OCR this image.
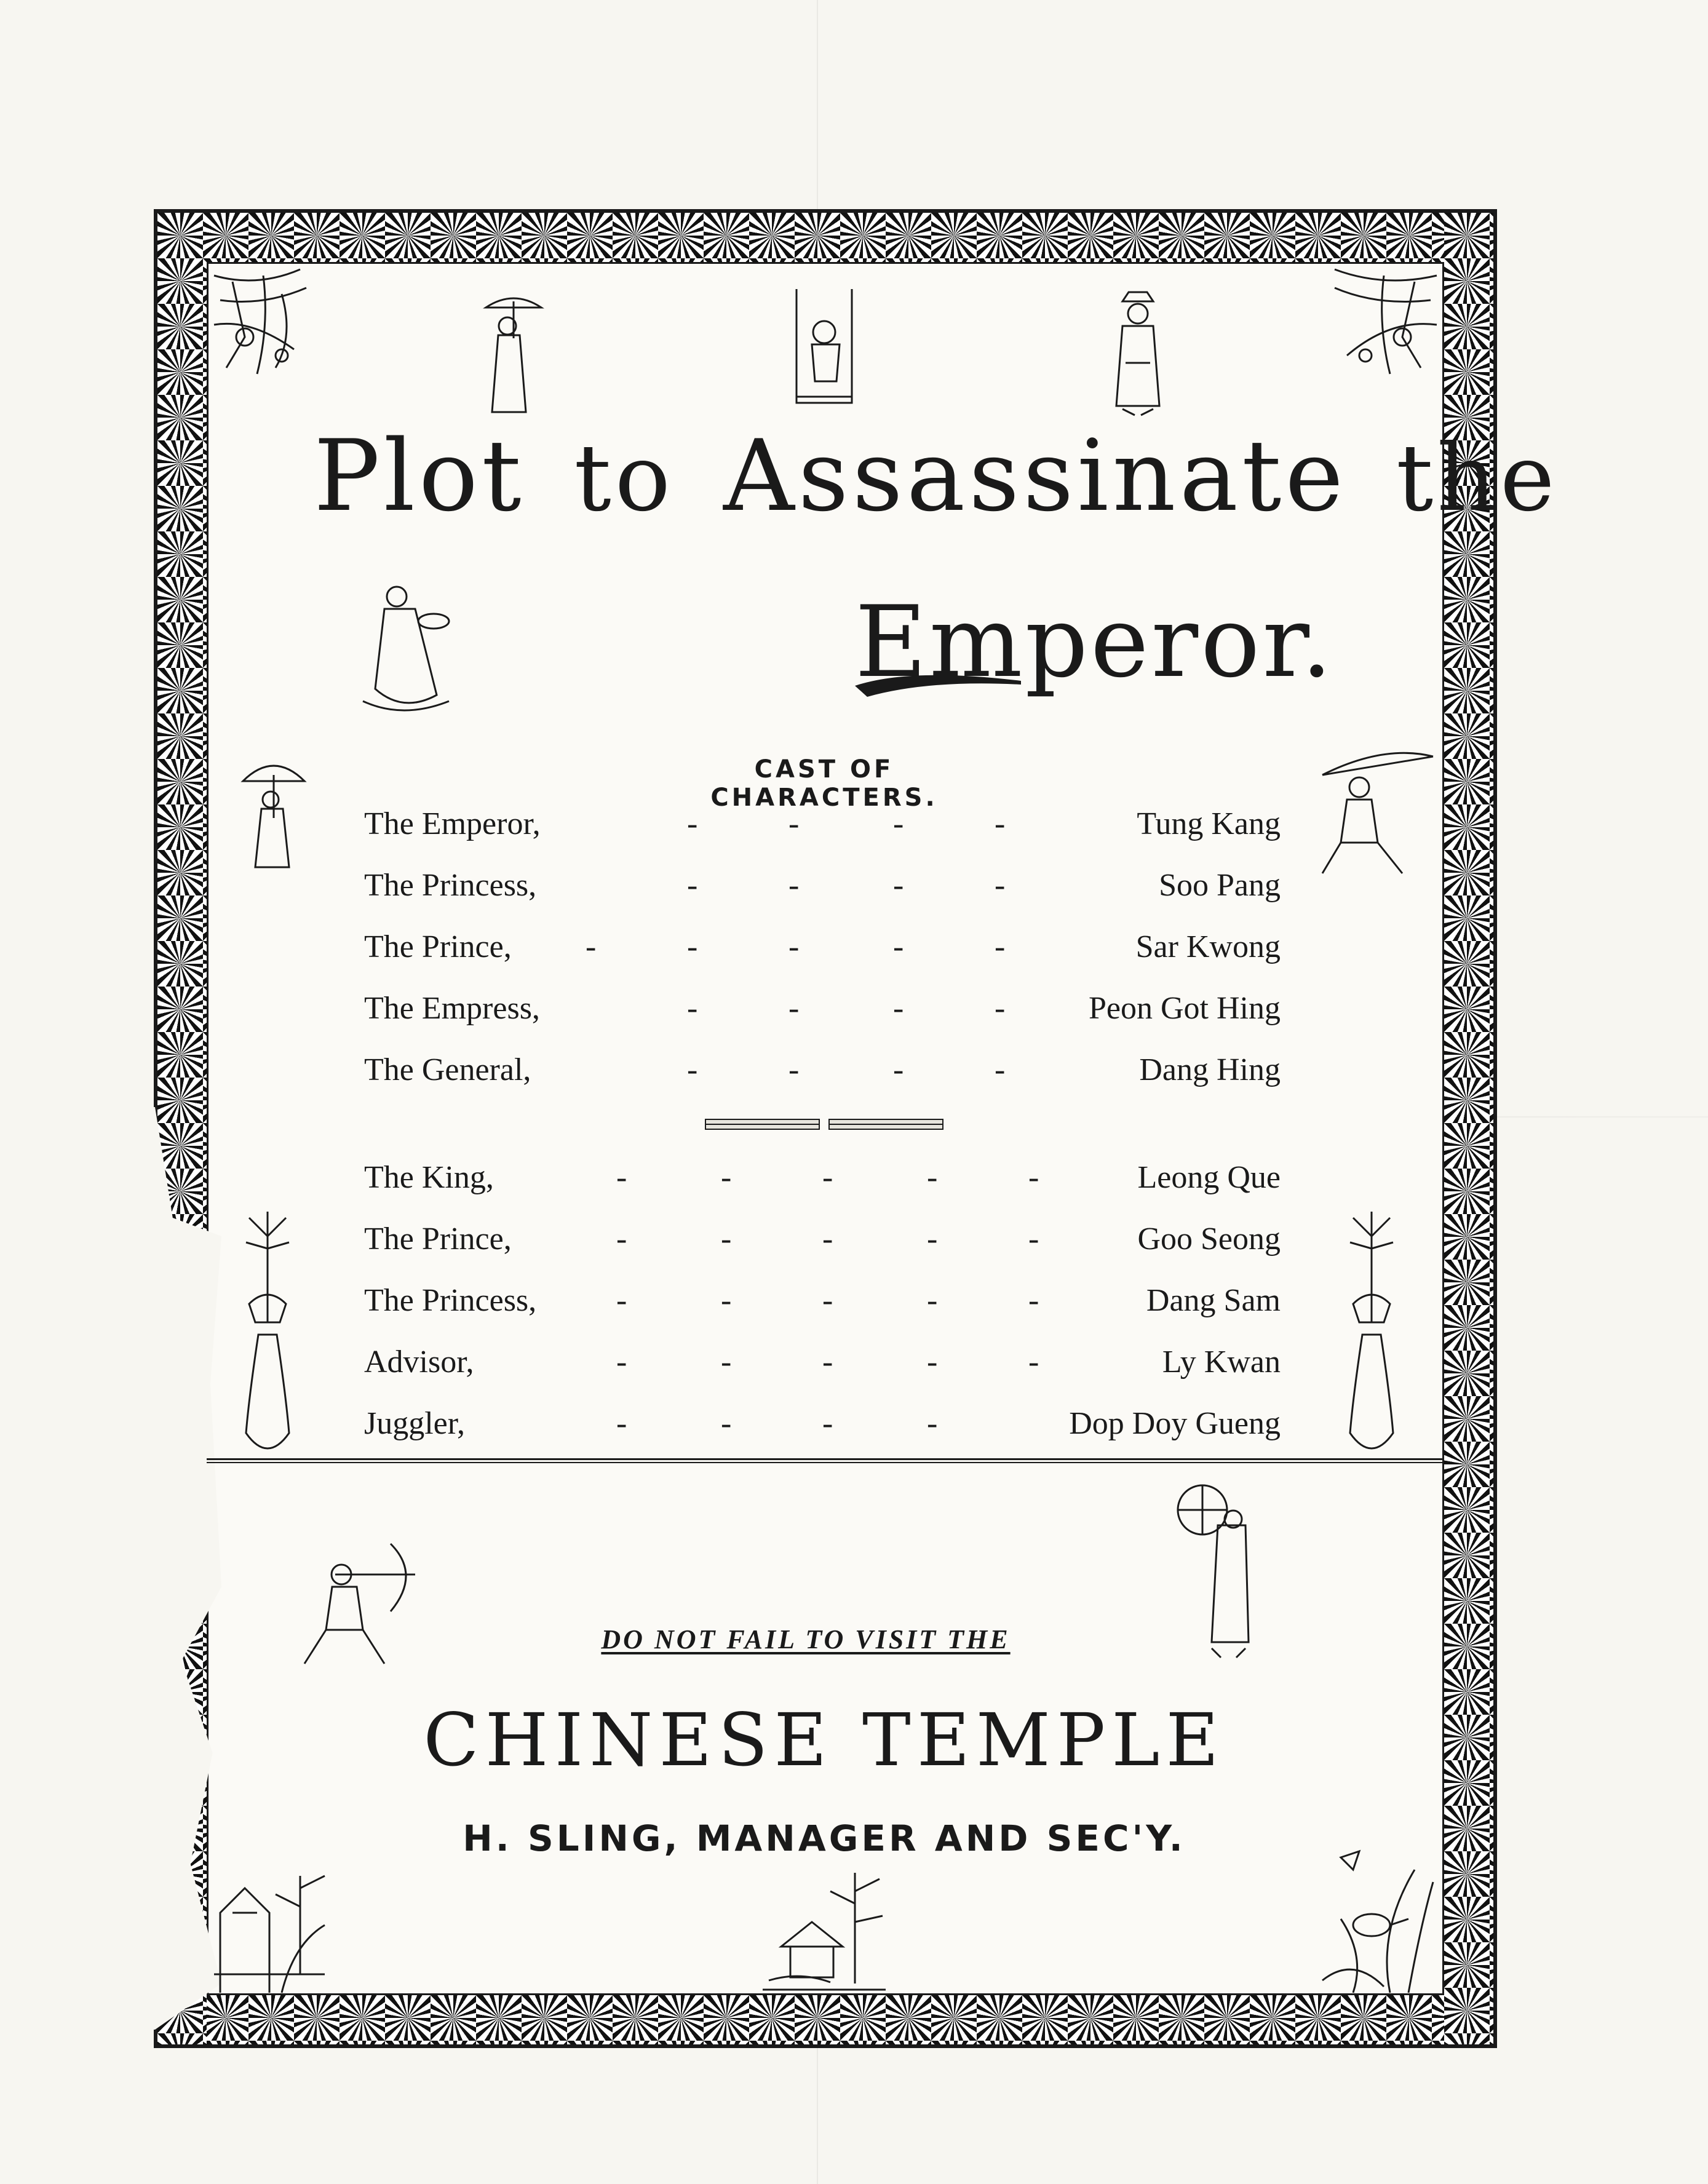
Plot to Assassinate the
Emperor.
CAST OF CHARACTERS.
The Emperor,	-	-	-	-	Tung Kang
The Princess,	-	-	-	-	Soo Pang
The Prince, -	-	-	-	-	Sar Kwong
The Empress,	-	-	-	-	Peon Got Hing
The General,	-	-	-	-	Dang Hing
The King,	-	-	-	-	-	Leong Que
The Prince,	-	-	-	-	-	Goo Seong
The Princess, -	-	-	-	-	Dang Sam
Advisor,	-	-	-	-	-	Ly Kwan
Juggler,	-	-	-	-	Dop Doy Gueng
DO NOT FAIL TO VISIT THE
CHINESE TEMPLE
H. SLING, MANAGER AND SEC'Y.
